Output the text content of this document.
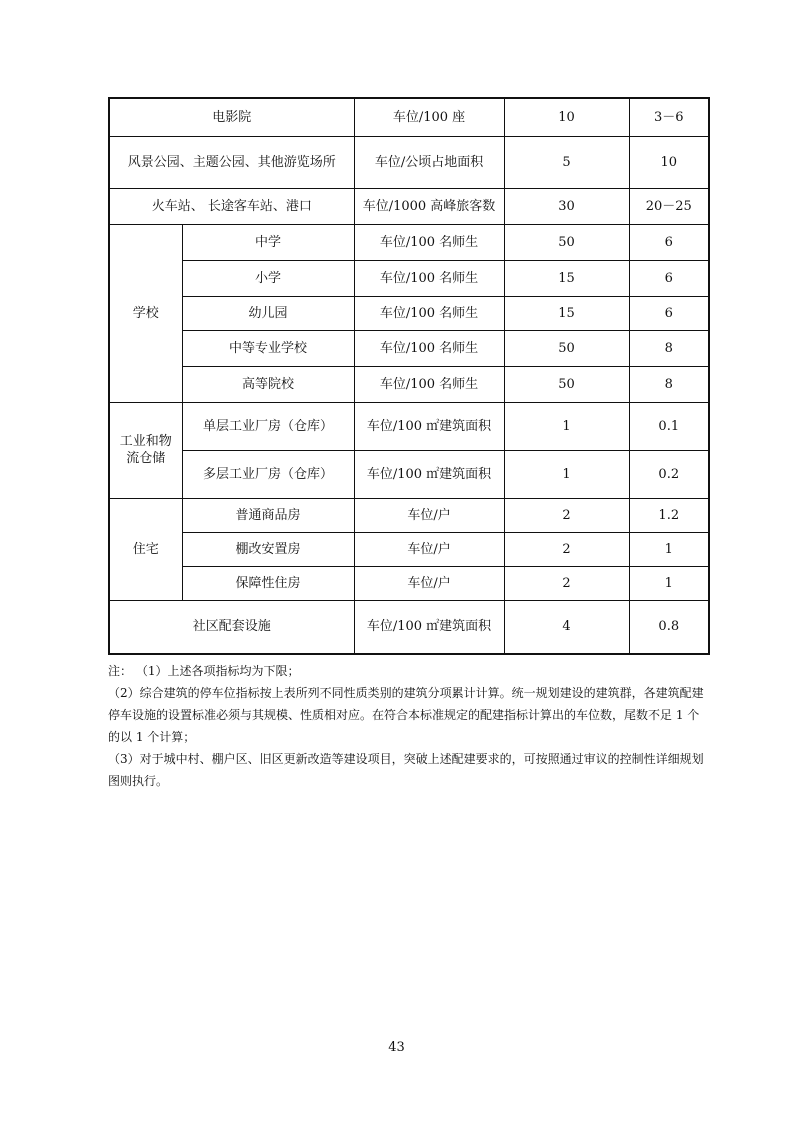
电影院		车位/100 座	10	3－6
风景公园、主题公园、其他游览场所		车位/公顷占地面积	5	10
火车站、 长途客车站、港口		车位/1000 高峰旅客数	30	20－25
学校	中学	车位/100 名师生	50	6
	小学	车位/100 名师生	15	6
	幼儿园	车位/100 名师生	15	6
	中等专业学校	车位/100 名师生	50	8
	高等院校	车位/100 名师生	50	8
工业和物流仓储	单层工业厂房（仓库）	车位/100 ㎡建筑面积	1	0.1
	多层工业厂房（仓库）	车位/100 ㎡建筑面积	1	0.2
住宅	普通商品房	车位/户	2	1.2
	棚改安置房	车位/户	2	1
	保障性住房	车位/户	2	1
社区配套设施		车位/100 ㎡建筑面积	4	0.8

注： （1）上述各项指标均为下限；

（2）综合建筑的停车位指标按上表所列不同性质类别的建筑分项累计计算。统一规划建设的建筑群，各建筑配建停车设施的设置标准必须与其规模、性质相对应。在符合本标准规定的配建指标计算出的车位数，尾数不足 1 个的以 1 个计算；

（3）对于城中村、棚户区、旧区更新改造等建设项目，突破上述配建要求的，可按照通过审议的控制性详细规划图则执行。

43
